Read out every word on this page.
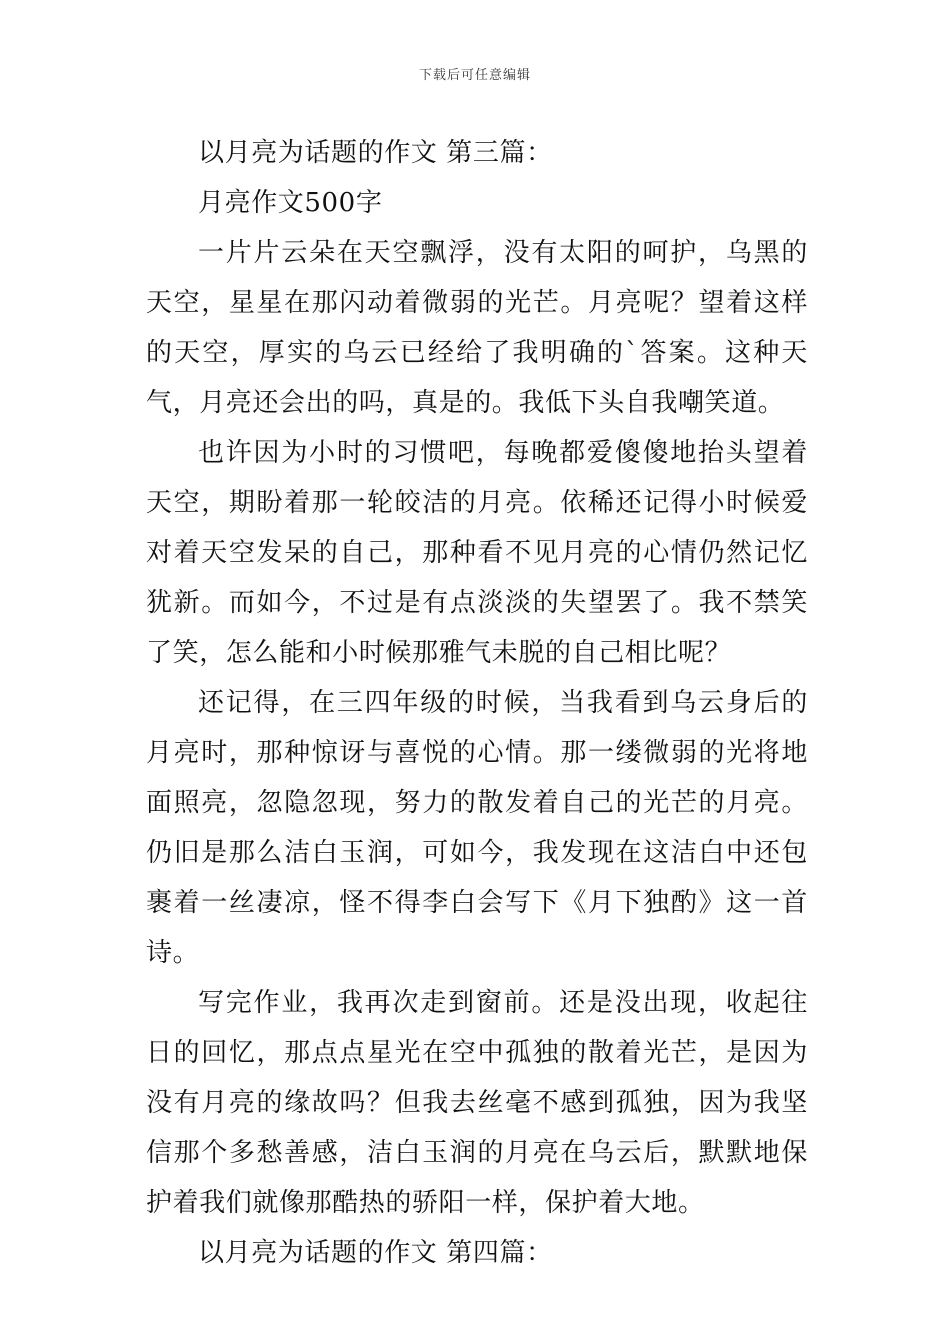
下载后可任意编辑

以月亮为话题的作文 第三篇：

月亮作文500字

一片片云朵在天空飘浮，没有太阳的呵护，乌黑的天空，星星在那闪动着微弱的光芒。月亮呢？望着这样的天空，厚实的乌云已经给了我明确的`答案。这种天气，月亮还会出的吗，真是的。我低下头自我嘲笑道。

也许因为小时的习惯吧，每晚都爱傻傻地抬头望着天空，期盼着那一轮皎洁的月亮。依稀还记得小时候爱对着天空发呆的自己，那种看不见月亮的心情仍然记忆犹新。而如今，不过是有点淡淡的失望罢了。我不禁笑了笑，怎么能和小时候那雅气未脱的自己相比呢？

还记得，在三四年级的时候，当我看到乌云身后的月亮时，那种惊讶与喜悦的心情。那一缕微弱的光将地面照亮，忽隐忽现，努力的散发着自己的光芒的月亮。仍旧是那么洁白玉润，可如今，我发现在这洁白中还包裹着一丝凄凉，怪不得李白会写下《月下独酌》这一首诗。

写完作业，我再次走到窗前。还是没出现，收起往日的回忆，那点点星光在空中孤独的散着光芒，是因为没有月亮的缘故吗？但我去丝毫不感到孤独，因为我坚信那个多愁善感，洁白玉润的月亮在乌云后，默默地保护着我们就像那酷热的骄阳一样，保护着大地。

以月亮为话题的作文 第四篇：
